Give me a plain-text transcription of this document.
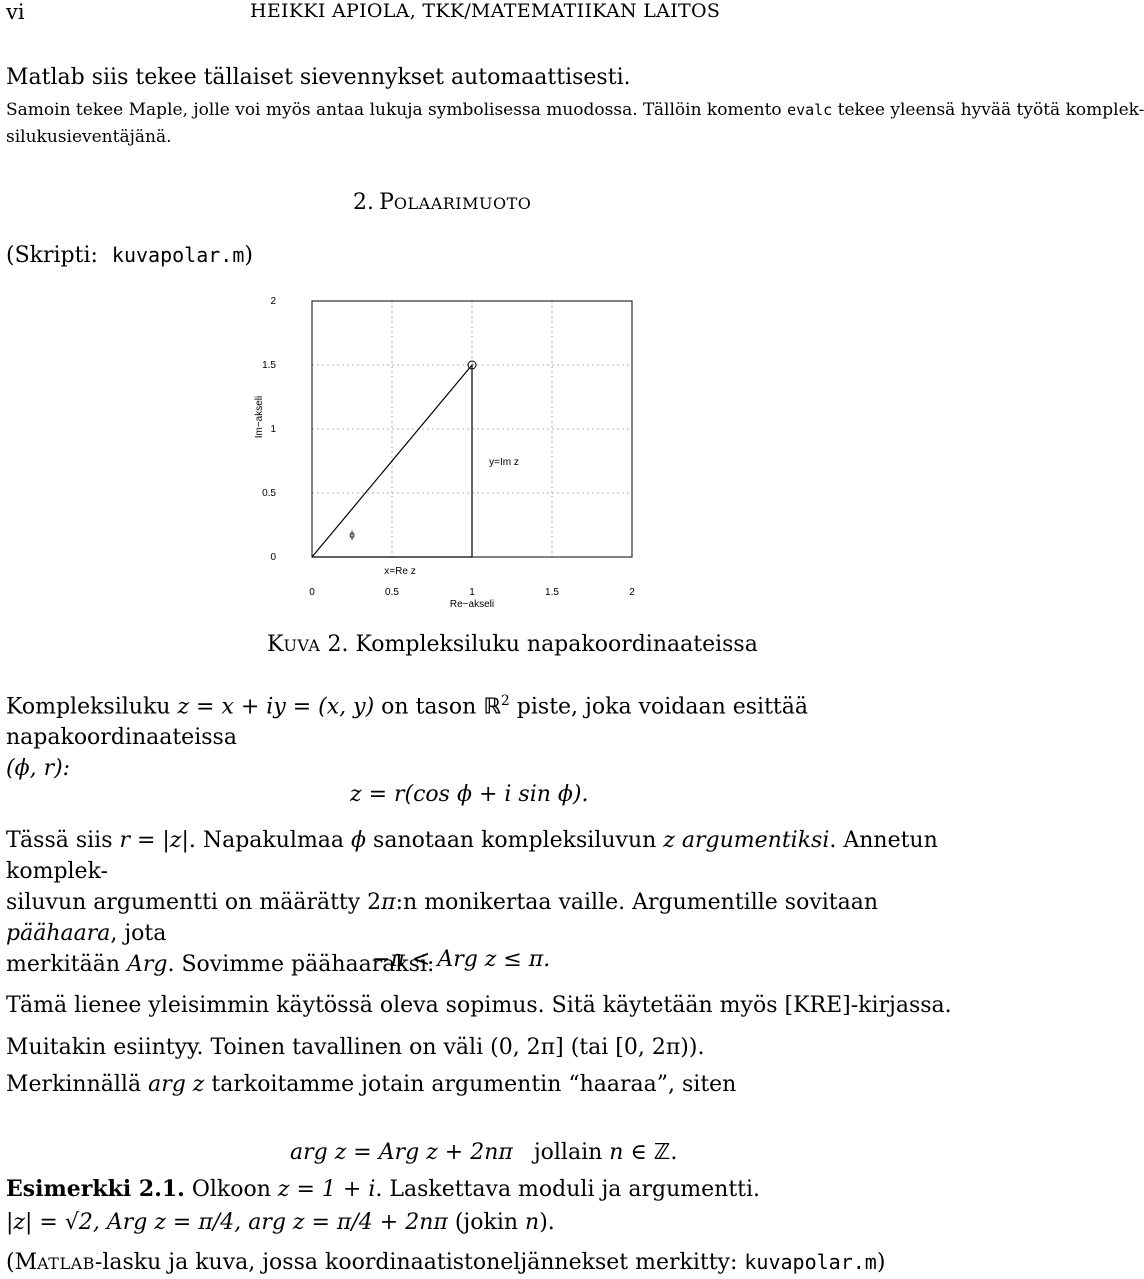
vi	HEIKKI APIOLA, TKK/MATEMATIIKAN LAITOS
Matlab siis tekee tällaiset sievennykset automaattisesti.
Samoin tekee Maple, jolle voi myös antaa lukuja symbolisessa muodossa. Tällöin komento evalc tekee yleensä hyvää työtä komplek-
silukusieventäjänä.
2. POLAARIMUOTO
(Skripti: kuvapolar.m)
0	0.5	1	1.5	2
0
0.5
1
1.5
2
y=Im z
x=Re z
ϕ
Re−akseli
Im−akseli
KUVA 2. Kompleksiluku napakoordinaateissa
Kompleksiluku z = x + iy = (x, y) on tason ℝ$^2$ piste, joka voidaan esittää napakoordinaateissa
(ϕ, r):
z = r(cos ϕ + i sin ϕ).
Tässä siis r = |z|. Napakulmaa ϕ sanotaan kompleksiluvun z argumentiksi. Annetun komplek-
siluvun argumentti on määrätty 2π:n monikertaa vaille. Argumentille sovitaan päähaara, jota
merkitään Arg. Sovimme päähaaraksi:
−π < Arg z ≤ π.
Tämä lienee yleisimmin käytössä oleva sopimus. Sitä käytetään myös [KRE]-kirjassa.
Muitakin esiintyy. Toinen tavallinen on väli (0, 2π] (tai [0, 2π)).
Merkinnällä arg z tarkoitamme jotain argumentin “haaraa”, siten
arg z = Arg z + 2nπ jollain n ∈ ℤ.
Esimerkki 2.1. Olkoon z = 1 + i. Laskettava moduli ja argumentti.
|z| = √2, Arg z = π/4, arg z = π/4 + 2nπ (jokin n).
(MATLAB-lasku ja kuva, jossa koordinaatistoneljännekset merkitty: kuvapolar.m)
